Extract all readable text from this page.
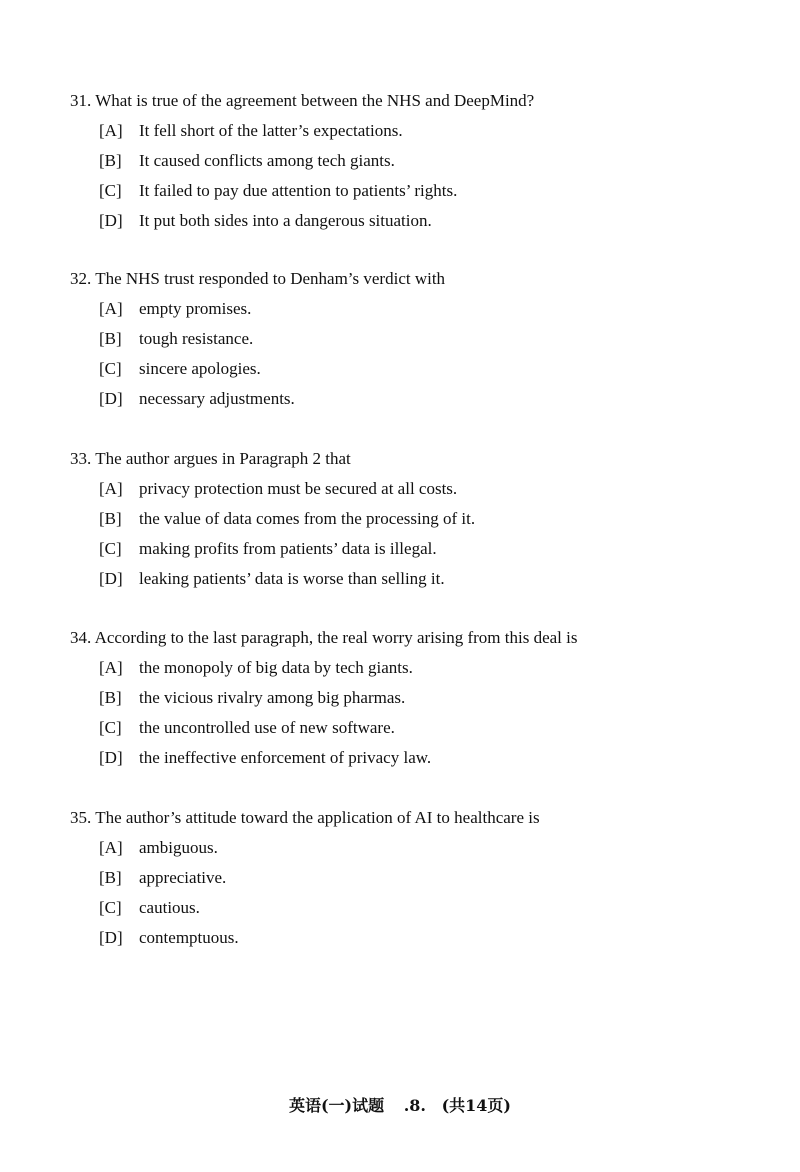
31. What is true of the agreement between the NHS and DeepMind?
[A] It fell short of the latter’s expectations.
[B]	It caused conflicts among tech giants.
[C]	It failed to pay due attention to patients’ rights.
[D] It put both sides into a dangerous situation.
32. The NHS trust responded to Denham’s verdict with
[A] empty promises.
[B]	tough resistance.
[C]	sincere apologies.
[D] necessary adjustments.
33. The author argues in Paragraph 2 that
[A] privacy protection must be secured at all costs.
[B]	the value of data comes from the processing of it.
[C]	making profits from patients’ data is illegal.
[D] leaking patients’ data is worse than selling it.
34. According to the last paragraph, the real worry arising from this deal is
[A] the monopoly of big data by tech giants.
[B]	the vicious rivalry among big pharmas.
[C]	the uncontrolled use of new software.
[D] the ineffective enforcement of privacy law.
35. The author’s attitude toward the application of AI to healthcare is
[A] ambiguous.
[B]	appreciative.
[C]	cautious.
[D] contemptuous.
英语(一)试题 .8. (共14页)
